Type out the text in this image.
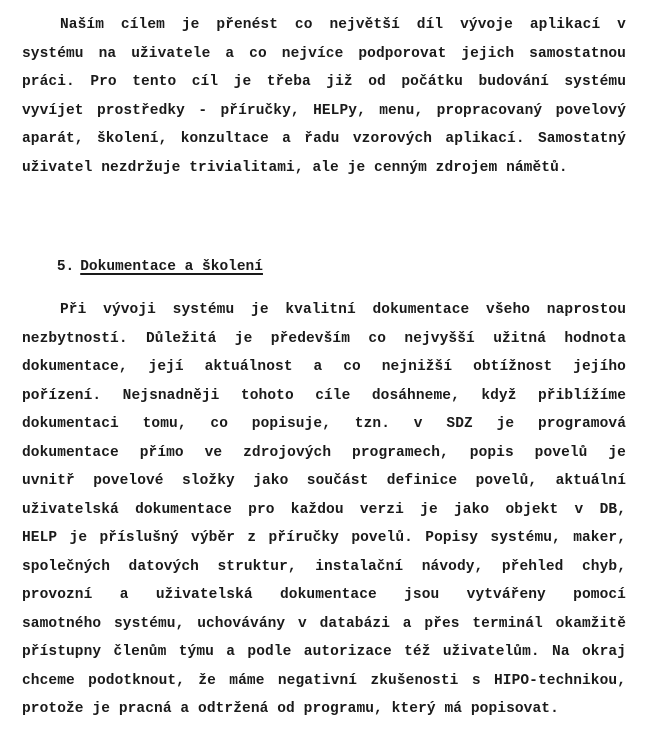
Naším cílem je přenést co největší díl vývoje aplikací v
systému na uživatele a co nejvíce podporovat jejich samostatnou
práci. Pro tento cíl je třeba již od počátku budování systému
vyvíjet prostředky - příručky, HELPy, menu, propracovaný povelový
aparát, školení, konzultace a řadu vzorových aplikací. Samostatný
uživatel nezdržuje trivialitami, ale je cenným zdrojem námětů.

5. Dokumentace a školení

Při vývoji systému je kvalitní dokumentace všeho naprostou
nezbytností. Důležitá je především co nejvyšší užitná hodnota
dokumentace, její aktuálnost a co nejnižší obtížnost jejího
pořízení. Nejsnadněji tohoto cíle dosáhneme, když přiblížíme
dokumentaci tomu, co popisuje, tzn. v SDZ je programová
dokumentace přímo ve zdrojových programech, popis povelů je
uvnitř povelové složky jako součást definice povelů, aktuální
uživatelská dokumentace pro každou verzi je jako objekt v DB,
HELP je příslušný výběr z příručky povelů. Popisy systému, maker,
společných datových struktur, instalační návody, přehled chyb,
provozní a uživatelská dokumentace jsou vytvářeny pomocí
samotného systému, uchovávány v databázi a přes terminál okamžitě
přístupny členům týmu a podle autorizace též uživatelům. Na okraj
chceme podotknout, že máme negativní zkušenosti s HIPO-technikou,
protože je pracná a odtržená od programu, který má popisovat.
